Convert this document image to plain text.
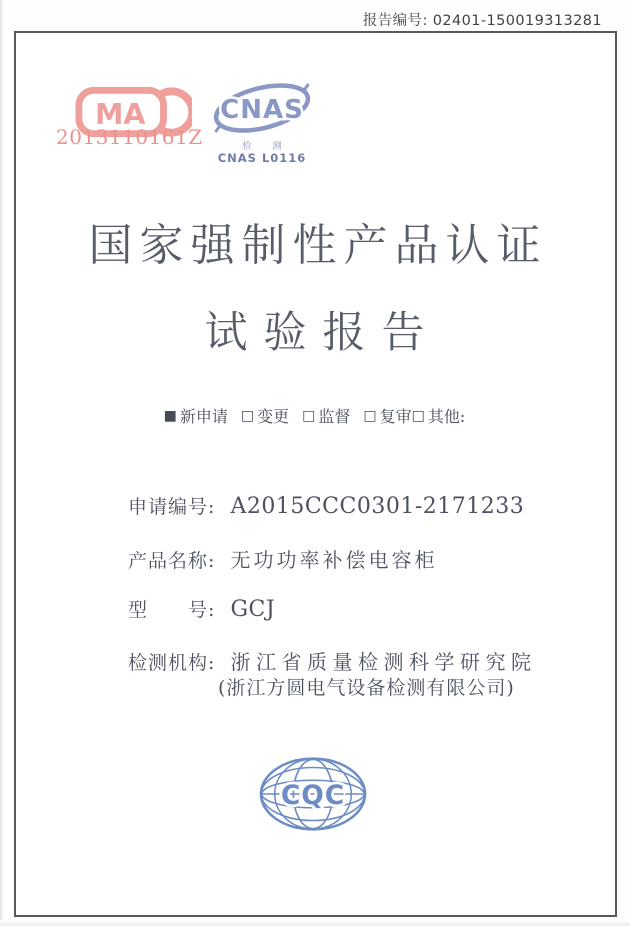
报告编号: 02401-150019313281
MA
2013110161Z
CNAS
检 测
CNAS L0116
国家强制性产品认证
试验报告
■ 新申请 □ 变更 □ 监督 □ 复审 □ 其他:
申请编号: A2015CCC0301-2171233
产品名称: 无功功率补偿电容柜
型　　号: GCJ
检测机构: 浙江省质量检测科学研究院
(浙江方圆电气设备检测有限公司)
CQC
